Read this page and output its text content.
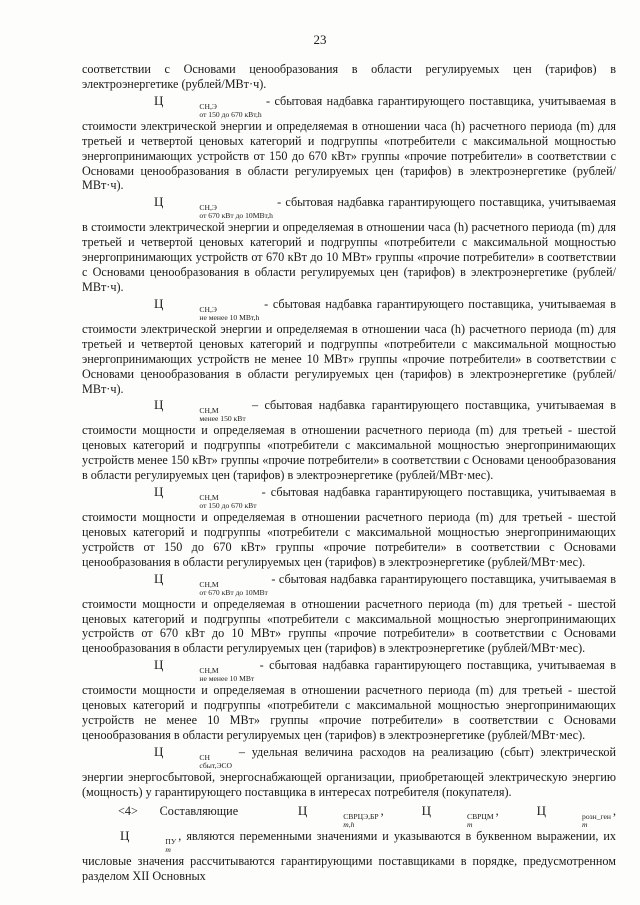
23

соответствии с Основами ценообразования в области регулируемых цен (тарифов) в электроэнергетике (рублей/МВт·ч).

Ц	СН,Э
от 150 до 670 кВт,h
- сбытовая надбавка гарантирующего поставщика, учитываемая в стоимости электрической энергии и определяемая в отношении часа (h) расчетного периода (m) для третьей и четвертой ценовых категорий и подгруппы «потребители с максимальной мощностью энергопринимающих устройств от 150 до 670 кВт» группы «прочие потребители» в соответствии с Основами ценообразования в области регулируемых цен (тарифов) в электроэнергетике (рублей/МВт·ч).

Ц	СН,Э
от 670 кВт до 10МВт,h
- сбытовая надбавка гарантирующего поставщика, учитываемая в стоимости электрической энергии и определяемая в отношении часа (h) расчетного периода (m) для третьей и четвертой ценовых категорий и подгруппы «потребители с максимальной мощностью энергопринимающих устройств от 670 кВт до 10 МВт» группы «прочие потребители» в соответствии с Основами ценообразования в области регулируемых цен (тарифов) в электроэнергетике (рублей/МВт·ч).

Ц	СН,Э
не менее 10 МВт,h
- сбытовая надбавка гарантирующего поставщика, учитываемая в стоимости электрической энергии и определяемая в отношении часа (h) расчетного периода (m) для третьей и четвертой ценовых категорий и подгруппы «потребители с максимальной мощностью энергопринимающих устройств не менее 10 МВт» группы «прочие потребители» в соответствии с Основами ценообразования в области регулируемых цен (тарифов) в электроэнергетике (рублей/МВт·ч).

Ц	СН,М
менее 150 кВт
– сбытовая надбавка гарантирующего поставщика, учитываемая в стоимости мощности и определяемая в отношении расчетного периода (m) для третьей - шестой ценовых категорий и подгруппы «потребители с максимальной мощностью энергопринимающих устройств менее 150 кВт» группы «прочие потребители» в соответствии с Основами ценообразования в области регулируемых цен (тарифов) в электроэнергетике (рублей/МВт·мес).

Ц	СН,М
от 150 до 670 кВт
- сбытовая надбавка гарантирующего поставщика, учитываемая в стоимости мощности и определяемая в отношении расчетного периода (m) для третьей - шестой ценовых категорий и подгруппы «потребители с максимальной мощностью энергопринимающих устройств от 150 до 670 кВт» группы «прочие потребители» в соответствии с Основами ценообразования в области регулируемых цен (тарифов) в электроэнергетике (рублей/МВт·мес).

Ц	СН,М
от 670 кВт до 10МВт
- сбытовая надбавка гарантирующего поставщика, учитываемая в стоимости мощности и определяемая в отношении расчетного периода (m) для третьей - шестой ценовых категорий и подгруппы «потребители с максимальной мощностью энергопринимающих устройств от 670 кВт до 10 МВт» группы «прочие потребители» в соответствии с Основами ценообразования в области регулируемых цен (тарифов) в электроэнергетике (рублей/МВт·мес).

Ц	СН,М
не менее 10 МВт
- сбытовая надбавка гарантирующего поставщика, учитываемая в стоимости мощности и определяемая в отношении расчетного периода (m) для третьей - шестой ценовых категорий и подгруппы «потребители с максимальной мощностью энергопринимающих устройств не менее 10 МВт» группы «прочие потребители» в соответствии с Основами ценообразования в области регулируемых цен (тарифов) в электроэнергетике (рублей/МВт·мес).

Ц	СН
сбыт,ЭСО
– удельная величина расходов на реализацию (сбыт) электрической энергии энергосбытовой, энергоснабжающей организации, приобретающей электрическую энергию (мощность) у гарантирующего поставщика в интересах потребителя (покупателя).

<4> Составляющие	Ц	СВРЦЭ,БР
m,h
,	Ц	СВРЦМ
m
,	Ц	розн_ген
m
,Ц	ПУ
m
, являются переменными значениями и указываются в буквенном выражении, их числовые значения рассчитываются гарантирующими поставщиками в порядке, предусмотренном разделом XII Основных
